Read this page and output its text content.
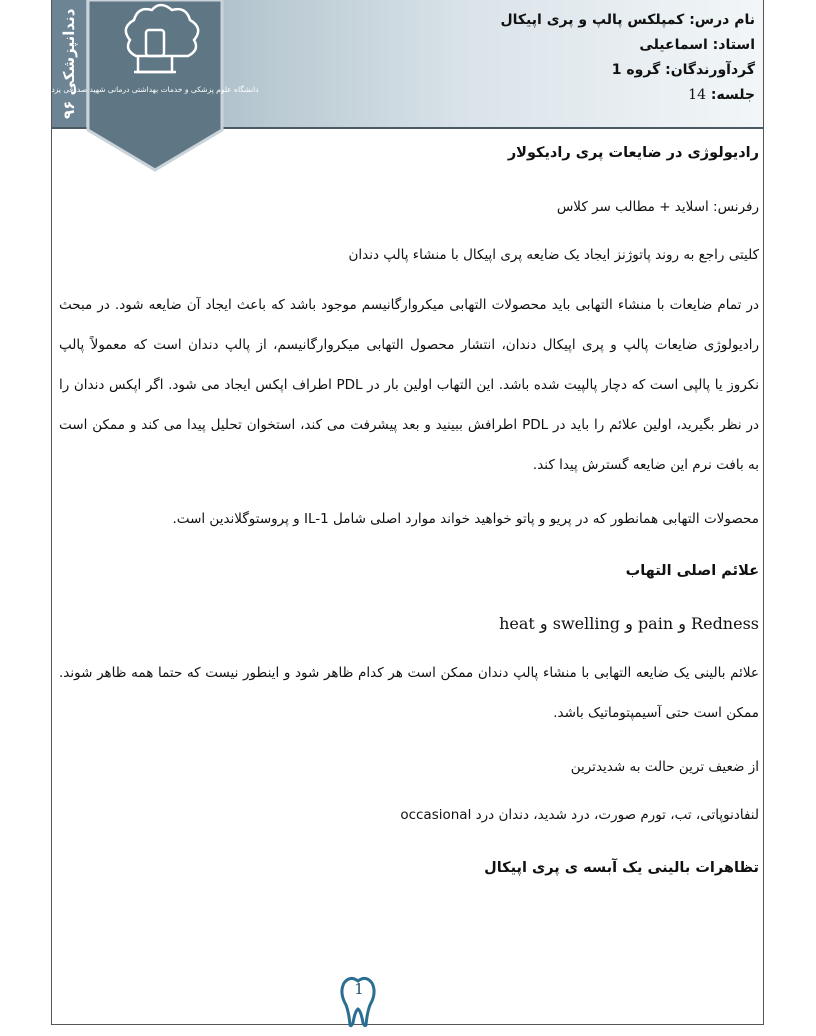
دندانپزشکی ۹۶
دانشگاه علوم پزشکی و خدمات بهداشتی درمانی شهید صدوقی یزد
نام درس: کمپلکس پالپ و پری اپیکال
استاد: اسماعیلی
گردآورندگان: گروه 1
جلسه: 14

رادیولوژی در ضایعات پری رادیکولار

رفرنس: اسلاید + مطالب سر کلاس

کلیتی راجع به روند پاتوژنز ایجاد یک ضایعه پری اپیکال با منشاء پالپ دندان

در تمام ضایعات با منشاء التهابی باید محصولات التهابی میکروارگانیسم موجود باشد که باعث ایجاد آن ضایعه شود. در مبحث رادیولوژی ضایعات پالپ و پری اپیکال دندان، انتشار محصول التهابی میکروارگانیسم، از پالپ دندان است که معمولاً پالپ نکروز یا پالپی است که دچار پالپیت شده باشد. این التهاب اولین بار در PDL اطراف اپکس ایجاد می شود. اگر اپکس دندان را در نظر بگیرید، اولین علائم را باید در PDL اطرافش ببینید و بعد پیشرفت می کند، استخوان تحلیل پیدا می کند و ممکن است به بافت نرم این ضایعه گسترش پیدا کند.

محصولات التهابی همانطور که در پریو و پاتو خواهید خواند موارد اصلی شامل IL-1 و پروستوگلاندین است.

علائم اصلی التهاب

Redness و pain و swelling و heat

علائم بالینی یک ضایعه التهابی با منشاء پالپ دندان ممکن است هر کدام ظاهر شود و اینطور نیست که حتما همه ظاهر شوند. ممکن است حتی آسیمپتوماتیک باشد.

از ضعیف ترین حالت به شدیدترین

لنفادنوپاتی، تب، تورم صورت، درد شدید، دندان درد occasional

تظاهرات بالینی یک آبسه ی پری اپیکال

1
